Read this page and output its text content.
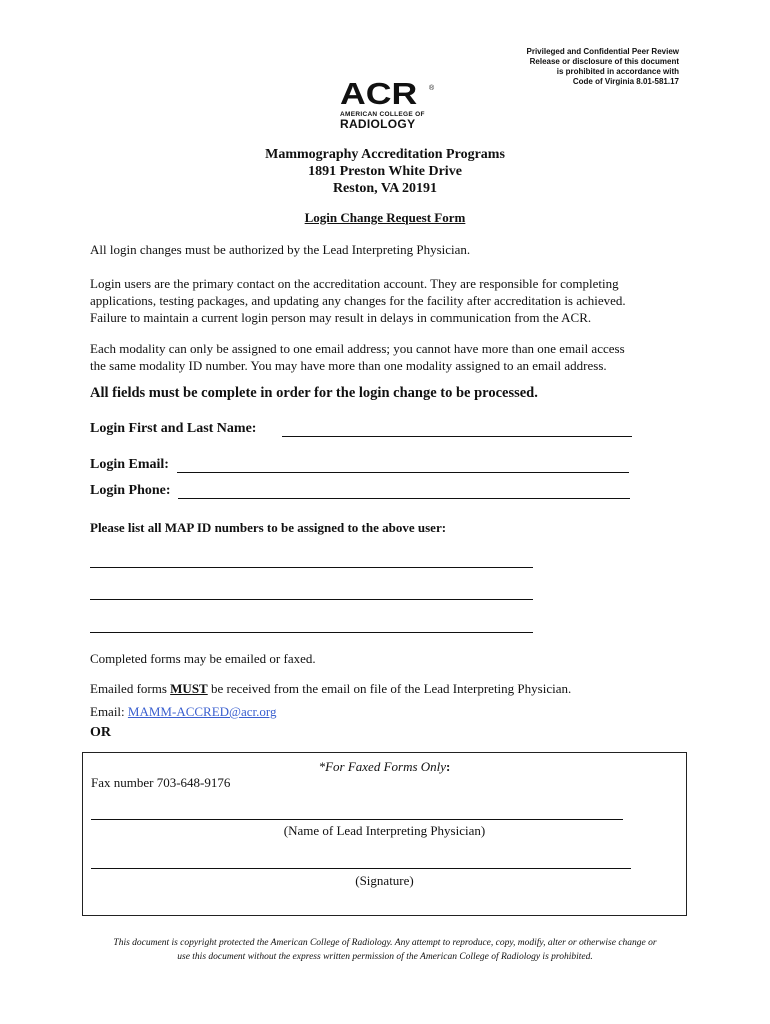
Privileged and Confidential Peer Review
Release or disclosure of this document
is prohibited in accordance with
Code of Virginia 8.01-581.17
ACR ®
AMERICAN COLLEGE OF
RADIOLOGY
Mammography Accreditation Programs
1891 Preston White Drive
Reston, VA 20191
Login Change Request Form
All login changes must be authorized by the Lead Interpreting Physician.
Login users are the primary contact on the accreditation account. They are responsible for completing
applications, testing packages, and updating any changes for the facility after accreditation is achieved.
Failure to maintain a current login person may result in delays in communication from the ACR.
Each modality can only be assigned to one email address; you cannot have more than one email access
the same modality ID number. You may have more than one modality assigned to an email address.
All fields must be complete in order for the login change to be processed.
Login First and Last Name:
Login Email:
Login Phone:
Please list all MAP ID numbers to be assigned to the above user:
Completed forms may be emailed or faxed.
Emailed forms MUST be received from the email on file of the Lead Interpreting Physician.
Email: MAMM-ACCRED@acr.org
OR
*For Faxed Forms Only:
Fax number 703-648-9176
(Name of Lead Interpreting Physician)
(Signature)
This document is copyright protected the American College of Radiology. Any attempt to reproduce, copy, modify, alter or otherwise change or
use this document without the express written permission of the American College of Radiology is prohibited.
